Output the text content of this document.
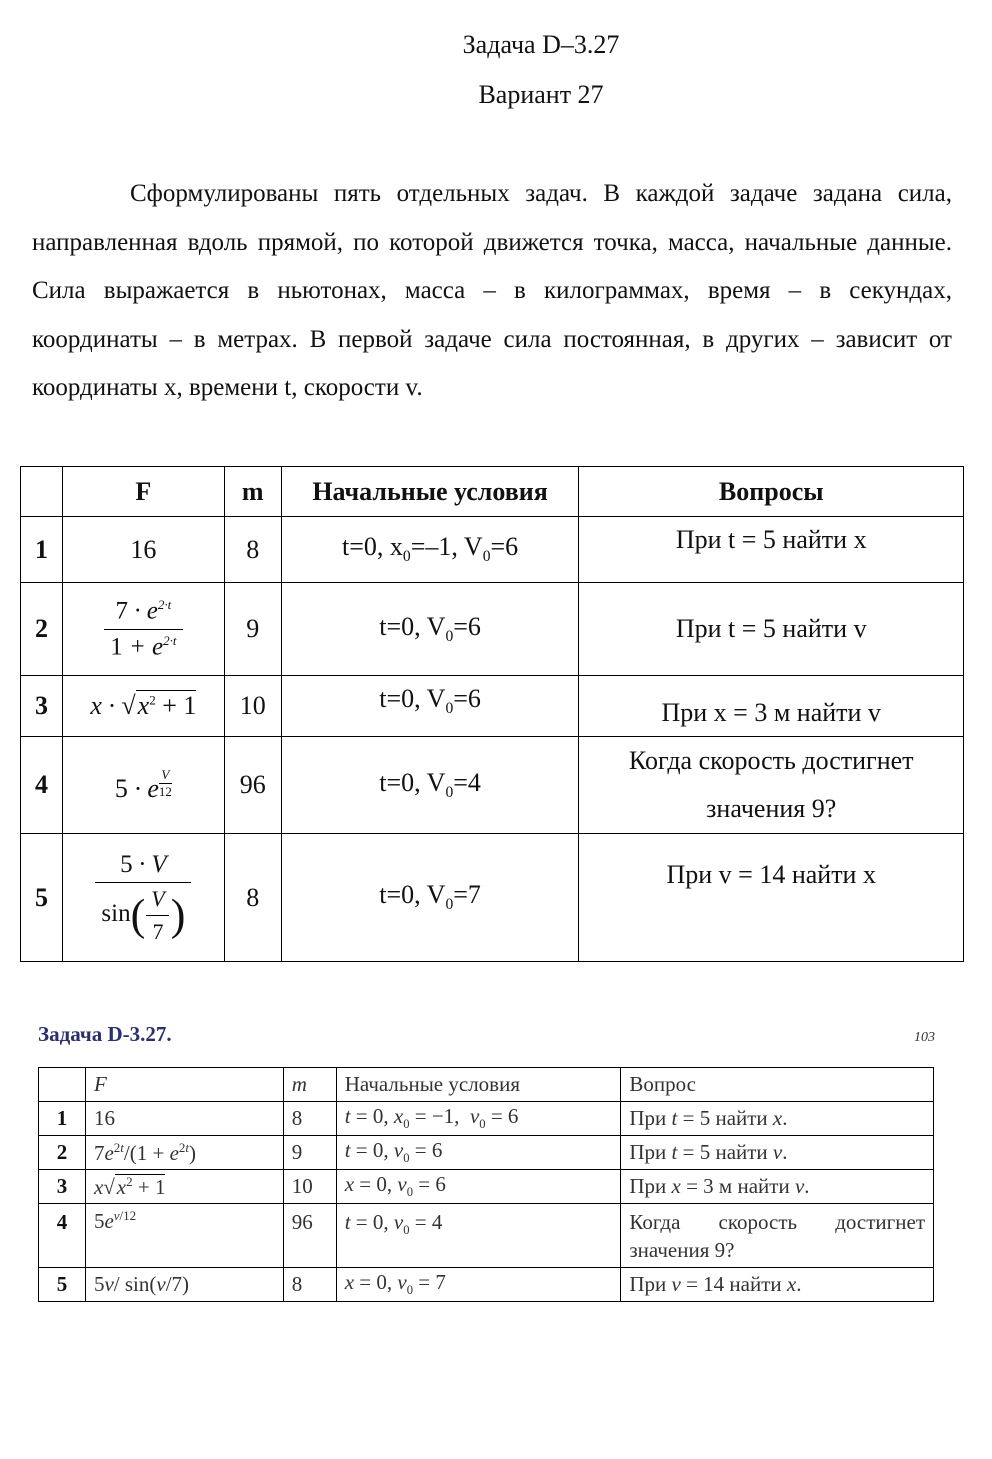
Задача D–3.27
Вариант 27

Сформулированы пять отдельных задач. В каждой задаче задана сила, направленная вдоль прямой, по которой движется точка, масса, начальные данные. Сила выражается в ньютонах, масса – в килограммах, время – в секундах, координаты – в метрах. В первой задаче сила постоянная, в других – зависит от координаты x, времени t, скорости v.

	F	m	Начальные условия	Вопросы
1	16	8	t=0, $x_0=-1$, $V_0=6$	При t = 5 найти x
2	$\frac{7 \cdot e^{2\cdot t}}{1 + e^{2\cdot t}}$	9	t=0, $V_0=6$	При t = 5 найти v
3	$x \cdot √x^2 + 1$	10	t=0, $V_0=6$	При x = 3 м найти v
4	5 · e $\frac{V}{12}$	96	t=0, $V_0=4$	Когда скорость достигнет
значения 9?
5	$\frac{5 \cdot V}{\sin( \frac{V}{7} )}$	8	t=0, $V_0=7$	При v = 14 найти x
Задача D-3.27.	103
	F	m	Начальные условия	Вопрос
1	16	8	t = 0, $x_0 = -1$,  $v_0 = 6$	При t = 5 найти x.
2	$7e^{2t}/(1 + e^{2t})$	9	t = 0, $v_0 = 6$	При t = 5 найти v.
3	$x√x^2 + 1$	10	x = 0, $v_0 = 6$	При x = 3 м найти v.
4	$5e^{v/12}$	96	t = 0, $v_0 = 4$	Когда скорость достигнет значения 9?
5	5v/ sin(v/7)	8	x = 0, $v_0 = 7$	При v = 14 найти x.
